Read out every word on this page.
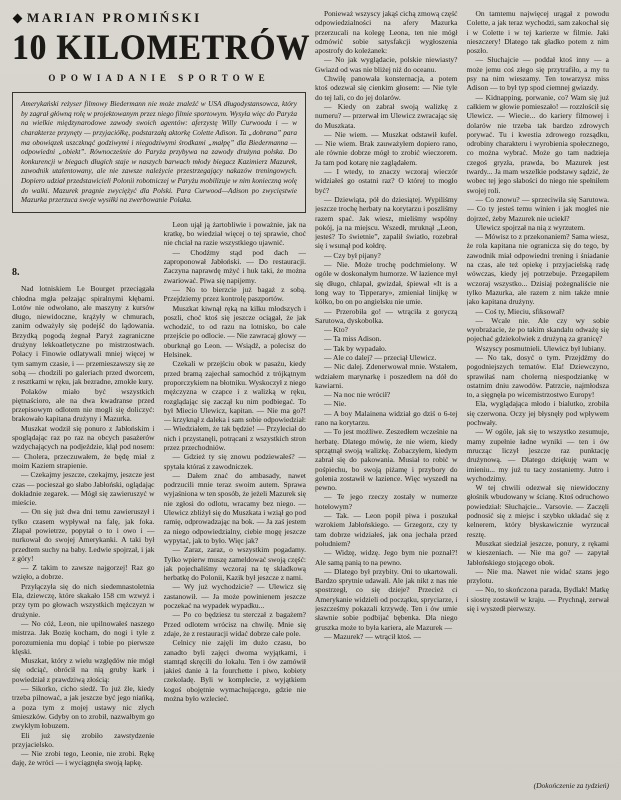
MARIAN PROMIŃSKI
10 KILOMETRÓW
OPOWIADANIE SPORTOWE

Amerykański reżyser filmowy Biedermann nie może znaleźć w USA długodystansowca, który by zagrał główną rolę w projektowanym przez niego filmie sportowym. Wysyła więc do Paryża na wielkie międzynarodowe zawody swoich agentów: aferzystę Willy Curwooda i — w charakterze przynęty — przyjaciółkę, podstarzałą aktorkę Colette Adison. Ta „dobrana” para ma obowiązek uszczknąć godziwymi i niegodziwymi środkami „małpę” dla Biedermanna — odpowiedni „obiekt”. Równocześnie do Paryża przybywa na zawody drużyna polska. Do konkurencji w biegach długich staje w naszych barwach młody biegacz Kazimierz Mazurek, zawodnik utalentowany, ale nie zawsze należycie przestrzegający nakazów treningowych. Dopiero udział przedstawicieli Polonii robotniczej w Paryżu mobilizuje w nim konieczną wolę do walki. Mazurek pragnie zwyciężyć dla Polski. Para Curwood—Adison po zwycięstwie Mazurka przerzuca swoje wysiłki na zwerbowanie Polaka.

8.

Nad lotniskiem Le Bourget przeciągała chłodna mgła pełzając spiralnymi kłębami. Lotów nie odwołano, ale maszyny z kursów długo, niewidoczne, krążyły w chmurach, zanim odważyły się podejść do lądowania. Brzydką pogodą żegnał Paryż zagraniczne drużyny lekkoatletyczne po mistrzostwach. Polacy i Finowie odlatywali mniej więcej w tym samym czasie, i — przemieszawszy się ze sobą — chodzili po galeriach przed dworcem, z resztkami w ręku, jak bezradne, zmokłe kury.

Polaków miało być wszystkich piętnaścioro, ale na dwa kwadranse przed przepisowym odlotem nie mogli się doliczyć: brakowało kapitana drużyny i Mazurka.

Muszkat wodził się ponuro z Jabłońskim i spoglądając raz po raz na obcych pasażerów wzdychających na podjeździe, klął pod nosem: — Cholera, przeczuwałem, że będę miał z moim Kaziem strapienie.

— Czekajmy jeszcze, czekajmy, jeszcze jest czas — pocieszał go słabo Jabłoński, oglądając dokładnie zegarek. — Mógł się zawieruszyć w mieście.

— On się już dwa dni temu zawieruszył i tylko czasem wypływał na falę, jak foka. Złapał powietrze, popytał o to i owo i — nurkował do swojej Amerykanki. A taki był przedtem suchy na baby. Ledwie spojrzał, i jak z góry!

— Z takim to zawsze najgorzej! Raz go wzięło, a dobrze.

Przyłączyła się do nich siedemnastoletnia Ela, dziewczę, które skakało 158 cm wzwyż i przy tym po głowach wszystkich mężczyzn w drużynie.

— No cóż, Leon, nie upilnowałeś naszego mistrza. Jak Bozię kocham, do nogi i tyle z porozumienia mu dopiąć i tobie po pierwsze klęski.

Muszkat, który z wielu względów nie mógł się odciąć, obrócił na nią gruby kark i powiedział z prawdziwą złością:

— Sikorko, cicho siedź. To już źle, kiedy trzeba pilnować, a jak jeszcze być jego niańką, a poza tym z mojej ustawy nic złych śmieszków. Gdyby on to zrobił, nazwałbym go zwykłym łobuzem.

Eli już się zrobiło zawstydzenie przyjacielsko.

— Nie zrobi tego, Leonie, nie zrobi. Rękę daję, że wróci — i wyciągnęła swoją łapkę.

Leon ujął ją żartobliwie i poważnie, jak na kratkę, bo wiedział więcej o tej sprawie, choć nie chciał na razie wszystkiego ujawnić.

— Chodźmy stąd pod dach — zaproponował Jabłoński. — Do restauracji. Zaczyna naprawdę mżyć i huk taki, że można zwariować. Piwa się napijemy.

— No to bierzcie już bagaż z sobą. Przejdziemy przez kontrolę paszportów.

Muszkat kiwnął ręką na kilku młodszych i poszli, choć ktoś się jeszcze ociągał, że jak wchodzić, to od razu na lotnisko, bo całe przejście po odlocie. — Nie zawracaj głowy — oburknął go Leon. — Wsiądź, a polecisz do Helsinek.

Czekali w przejściu obok w pasażu, kiedy przed bramą zajechał samochód z trójkątnym proporczykiem na błotniku. Wyskoczył z niego mężczyzna w czapce i z walizką w ręku, rozglądając się zaczął ku nim podbiegać. To był Miecio Ulewicz, kapitan. — Nie ma go?! — krzyknął z daleka i sam sobie odpowiedział: — Wiedziałem, że tak będzie! — Przyleciał do nich i przystanęli, potrącani z wszystkich stron przez przechodniów.

— Gdzież ty się znowu podziewałeś? — spytała któraś z zawodniczek.

— Dałem znać do ambasady, nawet podrzucili mnie teraz swoim autem. Sprawa wyjaśniona w ten sposób, że jeżeli Mazurek się nie zgłosi do odlotu, wracamy bez niego. — Ulewicz zbliżył się do Muszkata i wziął go pod ramię, odprowadzając na bok. — Ja zaś jestem za niego odpowiedzialny, ciebie mogę jeszcze wypytać, jak to było. Więc jak?

— Zaraz, zaraz, o wszystkim pogadamy. Tylko wpierw muszę zameldować swoją część: jak pojechaliśmy wczoraj na tę składkową herbatkę do Polonii, Kazik był jeszcze z nami.

— Wy już wychodzicie? — Ulewicz się zastanowił. — Ja może powinienem jeszcze poczekać na wypadek wypadku...

— Po co będziesz tu sterczał z bagażem? Przed odlotem wrócisz na chwilę. Mnie się zdaje, że z restauracji widać dobrze całe pole.

Celnicy nie zajęli im dużo czasu, bo zanadto byli zajęci dwoma wyjątkami, i stamtąd skręcili do lokalu. Ten i ów zamówił jakieś danie à la fourchette i piwo, kobiety czekoladę. Byli w komplecie, z wyjątkiem kogoś obojętnie wymachującego, gdzie nie można było wzlecieć.

Ponieważ wszyscy jakąś cichą zmową część odpowiedzialności na afery Mazurka przerzucali na kolegę Leona, ten nie mógł odmówić sobie satysfakcji wygłoszenia apostrofy do koleżanek:

— No jak wyglądacie, polskie niewiasty? Gwiazd od was nie bliżej niż do oceanu.

Chwilę panowała konsternacja, a potem ktoś odezwał się cienkim głosem: — Nie tyle do tej lali, co do jej dolarów.

— Kiedy on zabrał swoją walizkę z numeru? — przerwał im Ulewicz zwracając się do Muszkata.

— Nie wiem. — Muszkat odstawił kufel. — Nie wiem. Brak zauważyłem dopiero rano, ale równie dobrze mógł to zrobić wieczorem. Ja tam pod kotarę nie zaglądałem.

— I wtedy, to znaczy wczoraj wieczór widziałeś go ostatni raz? O której to mogło być?

— Dziewiąta, pół do dziesiątej. Wypiliśmy jeszcze trochę herbaty na korytarzu i poszliśmy razem spać. Jak wiesz, mieliśmy wspólny pokój, ja na miejscu. Wszedł, mruknął „Leon, jesteś? To świetnie”, zapalił światło, rozebrał się i wsunął pod kołdrę.

— Czy był pijany?

— Nie. Może trochę podchmielony. W ogóle w doskonałym humorze. W łazience mył się długo, chlapał, gwizdał, śpiewał «It is a long way to Tipperary», zmieniał linijkę w kółko, bo on po angielsku nie umie.

— Przerobiła go! — wtrąciła z goryczą Sarutowa, dyskobolka.

— Kto?

— Ta miss Adison.

— Tak by wypadało.

— Ale co dalej? — przeciął Ulewicz.

— Nic dalej. Zdenerwował mnie. Wstałem, wdziałem marynarkę i poszedłem na dół do kawiarni.

— Na noc nie wrócił?

— Nie.

— A boy Malainena widział go dziś o 6-tej rano na korytarzu.

— To jest możliwe. Zeszedłem wcześnie na herbatę. Dlatego mówię, że nie wiem, kiedy sprzątnął swoją walizkę. Zobaczyłem, kiedym zabrał się do pakowania. Musiał to robić w pośpiechu, bo swoją piżamę i przybory do golenia zostawił w łazience. Więc wyszedł na pewno.

— Te jego rzeczy zostały w numerze hotelowym?

— Tak. — Leon popił piwa i poszukał wzrokiem Jabłońskiego. — Grzegorz, czy ty tam dobrze widziałeś, jak ona jechała przed południem?

— Widzę, widzę. Jego bym nie poznał?! Ale samą panią to na pewno.

— Dlatego był przybity. Oni to ukartowali. Bardzo sprytnie udawali. Ale jak nikt z nas nie spostrzegł, co się dzieje? Przecież ci Amerykanie widzieli od początku, spryciarze, i jeszcześmy pokazali krzywdę. Ten i ów umie sławnie sobie podbijać bębenka. Dla niego gruszka może to była kariera, ale Mazurek —

— Mazurek? — wtrącił ktoś. —

On tamtemu najwięcej urągał z powodu Colette, a jak teraz wychodzi, sam zakochał się i w Colette i w tej karierze w filmie. Jaki nieszczery! Dlatego tak gładko potem z nim poszło.

— Słuchajcie — poddał ktoś inny — a może jemu coś złego się przytrafiło, a my tu psy na nim wieszamy. Ten towarzysz miss Adison — to był typ spod ciemnej gwiazdy.

— Kidnapping, porwanie, co? Wam się już całkiem w głowie pomieszało! — rozzłościł się Ulewicz. — Wiecie... do kariery filmowej i dolarów nie trzeba tak bardzo zdrowych porywać. Tu i kwestia zdrowego rozsądku, odrobiny charakteru i wyrobienia społecznego, co można wybrać. Może go tam nadzieja czegoś gryzła, prawda, bo Mazurek jest twardy... Ja mam wszelkie podstawy sądzić, że wobec tej jego słabości do niego nie spełniłem swojej roli.

— Co znowu? — sprzeciwiła się Sarutowa. — Co ty jesteś temu winien i jak mogłeś nie dojrzeć, żeby Mazurek nie uciekł?

Ulewicz spojrzał na nią z wyrzutem.

— Mówisz to z przekonaniem? Sama wiesz, że rola kapitana nie ogranicza się do tego, by zawodnik miał odpowiedni trening i śniadanie na czas, ale też opiekę i przyjacielską radę wówczas, kiedy jej potrzebuje. Przegapiłem wczoraj wszystko... Dzisiaj pożegnaliście nie tylko Mazurka, ale razem z nim także mnie jako kapitana drużyny.

— Coś ty, Mieciu, sfiksował?

— Wcale nie. Ale czy wy sobie wyobrażacie, że po takim skandalu odważę się pojechać gdziekolwiek z drużyną za granicę?

Wszyscy posmutnieli. Ulewicz był lubiany.

— No tak, dosyć o tym. Przejdźmy do pogodniejszych tematów. Ela! Dziewczyno, sprawiłaś nam cholerną niespodziankę w ostatnim dniu zawodów. Patrzcie, najmłodsza to, a sięgnęła po wicemistrzostwo Europy!

Ela, wyglądająca młodo i bialutko, zrobiła się czerwona. Oczy jej błysnęły pod wpływem pochwały.

— W ogóle, jak się to wszystko zesumuje, mamy zupełnie ładne wyniki — ten i ów mrucząc liczył jeszcze raz punktację drużynową. — Dlatego dziękuję wam w imieniu... my już tu tacy zostaniemy. Jutro i wychodzimy.

W tej chwili odezwał się niewidoczny głośnik wbudowany w ścianę. Ktoś odruchowo powiedział: Słuchajcie... Varsovie. — Zaczęli podnosić się z miejsc i szybko układać się z kelnerem, który błyskawicznie wyrzucał resztę.

Muszkat siedział jeszcze, ponury, z rękami w kieszeniach. — Nie ma go? — zapytał Jabłońskiego stojącego obok.

— Nie ma. Nawet nie widać szans jego przylotu.

— No, to skończona parada, Bydlak! Matkę i siostrę zostawił w kraju. — Prychnął, zerwał się i wyszedł pierwszy.

(Dokończenie za tydzień)
